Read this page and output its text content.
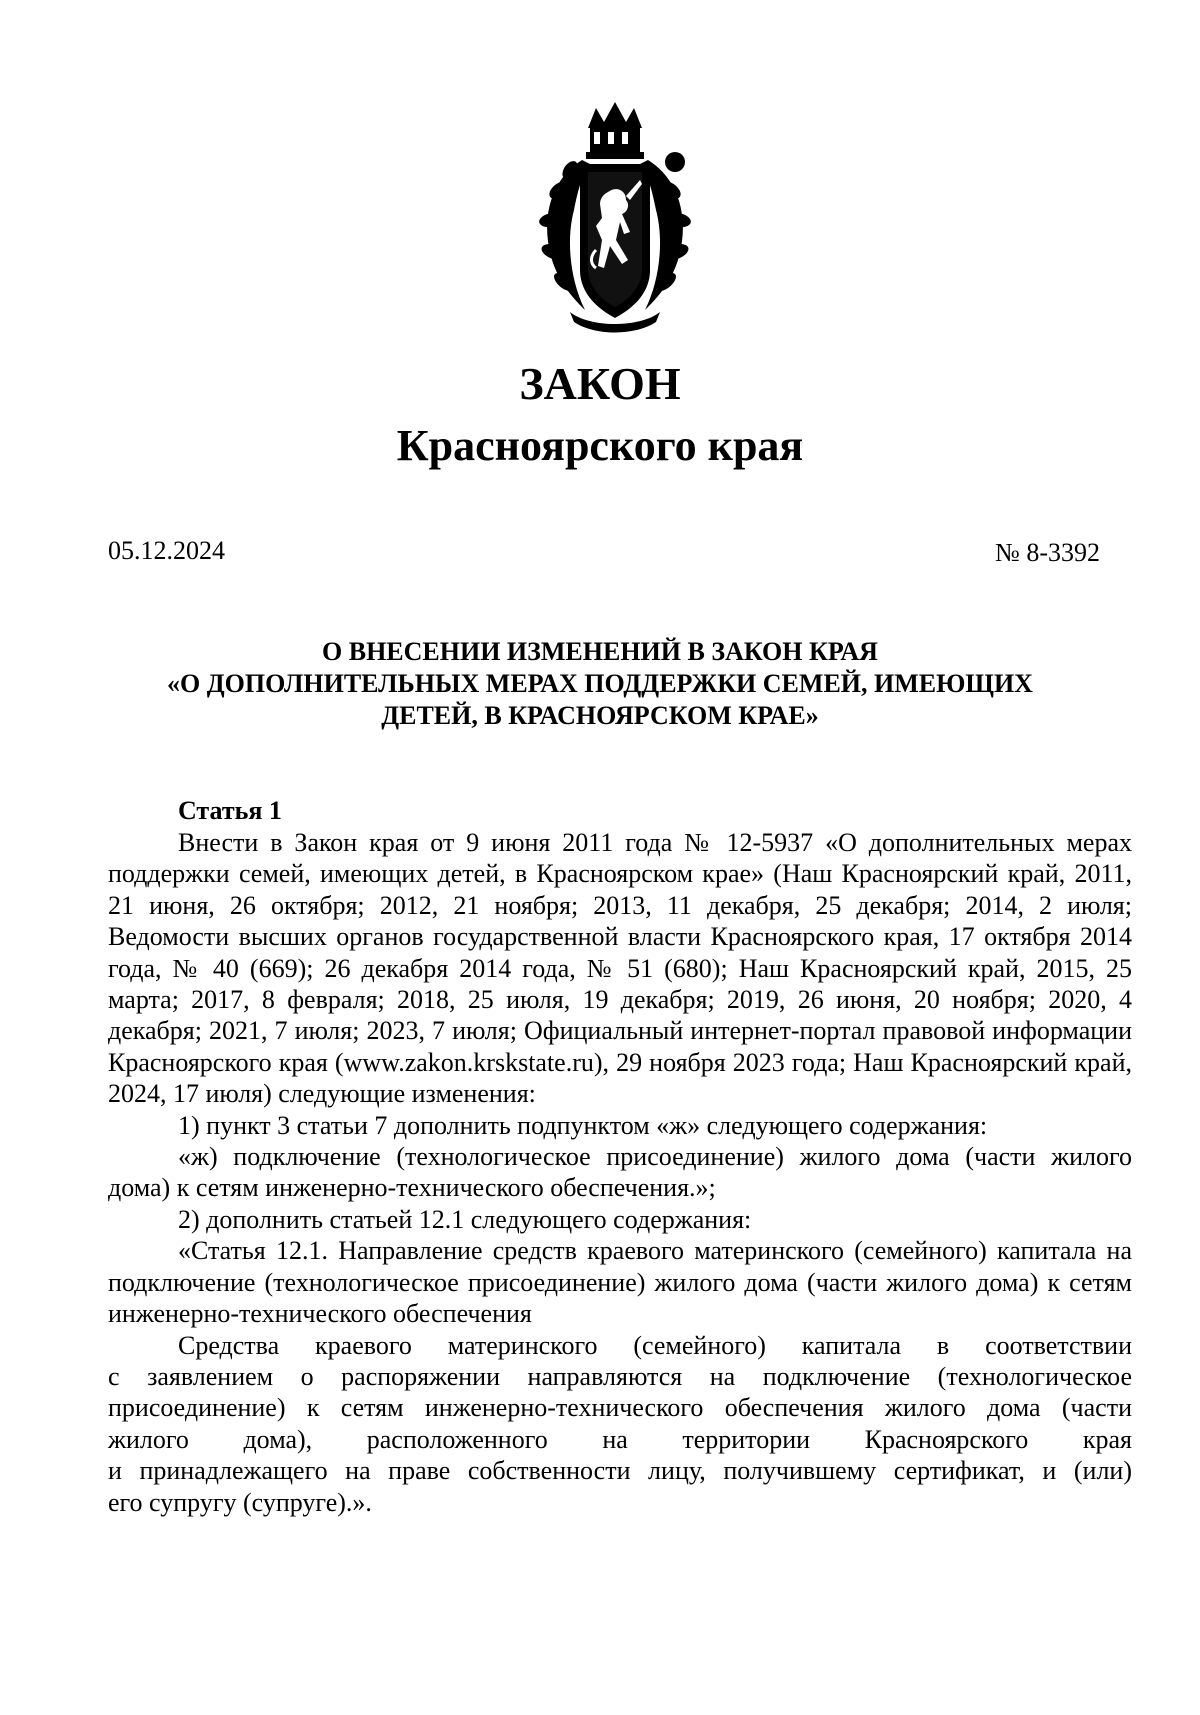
ЗАКОН
Красноярского края
05.12.2024	№ 8-3392
О ВНЕСЕНИИ ИЗМЕНЕНИЙ В ЗАКОН КРАЯ
«О ДОПОЛНИТЕЛЬНЫХ МЕРАХ ПОДДЕРЖКИ СЕМЕЙ, ИМЕЮЩИХ
ДЕТЕЙ, В КРАСНОЯРСКОМ КРАЕ»
Статья 1

Внести в Закон края от 9 июня 2011 года № 12-5937 «О дополнительных мерах поддержки семей, имеющих детей, в Красноярском крае» (Наш Красноярский край, 2011, 21 июня, 26 октября; 2012, 21 ноября; 2013, 11 декабря, 25 декабря; 2014, 2 июля; Ведомости высших органов государственной власти Красноярского края, 17 октября 2014 года, № 40 (669); 26 декабря 2014 года, № 51 (680); Наш Красноярский край, 2015, 25 марта; 2017, 8 февраля; 2018, 25 июля, 19 декабря; 2019, 26 июня, 20 ноября; 2020, 4 декабря; 2021, 7 июля; 2023, 7 июля; Официальный интернет-портал правовой информации Красноярского края (www.zakon.krskstate.ru), 29 ноября 2023 года; Наш Красноярский край, 2024, 17 июля) следующие изменения:

1) пункт 3 статьи 7 дополнить подпунктом «ж» следующего содержания:

«ж) подключение (технологическое присоединение) жилого дома (части жилого дома) к сетям инженерно-технического обеспечения.»;

2) дополнить статьей 12.1 следующего содержания:

«Статья 12.1. Направление средств краевого материнского (семейного) капитала на подключение (технологическое присоединение) жилого дома (части жилого дома) к сетям инженерно-технического обеспечения

Средства краевого материнского (семейного) капитала в соответствии

с заявлением о распоряжении направляются на подключение (технологическое

присоединение) к сетям инженерно-технического обеспечения жилого дома (части

жилого дома), расположенного на территории Красноярского края

и принадлежащего на праве собственности лицу, получившему сертификат, и (или)

его супругу (супруге).».
